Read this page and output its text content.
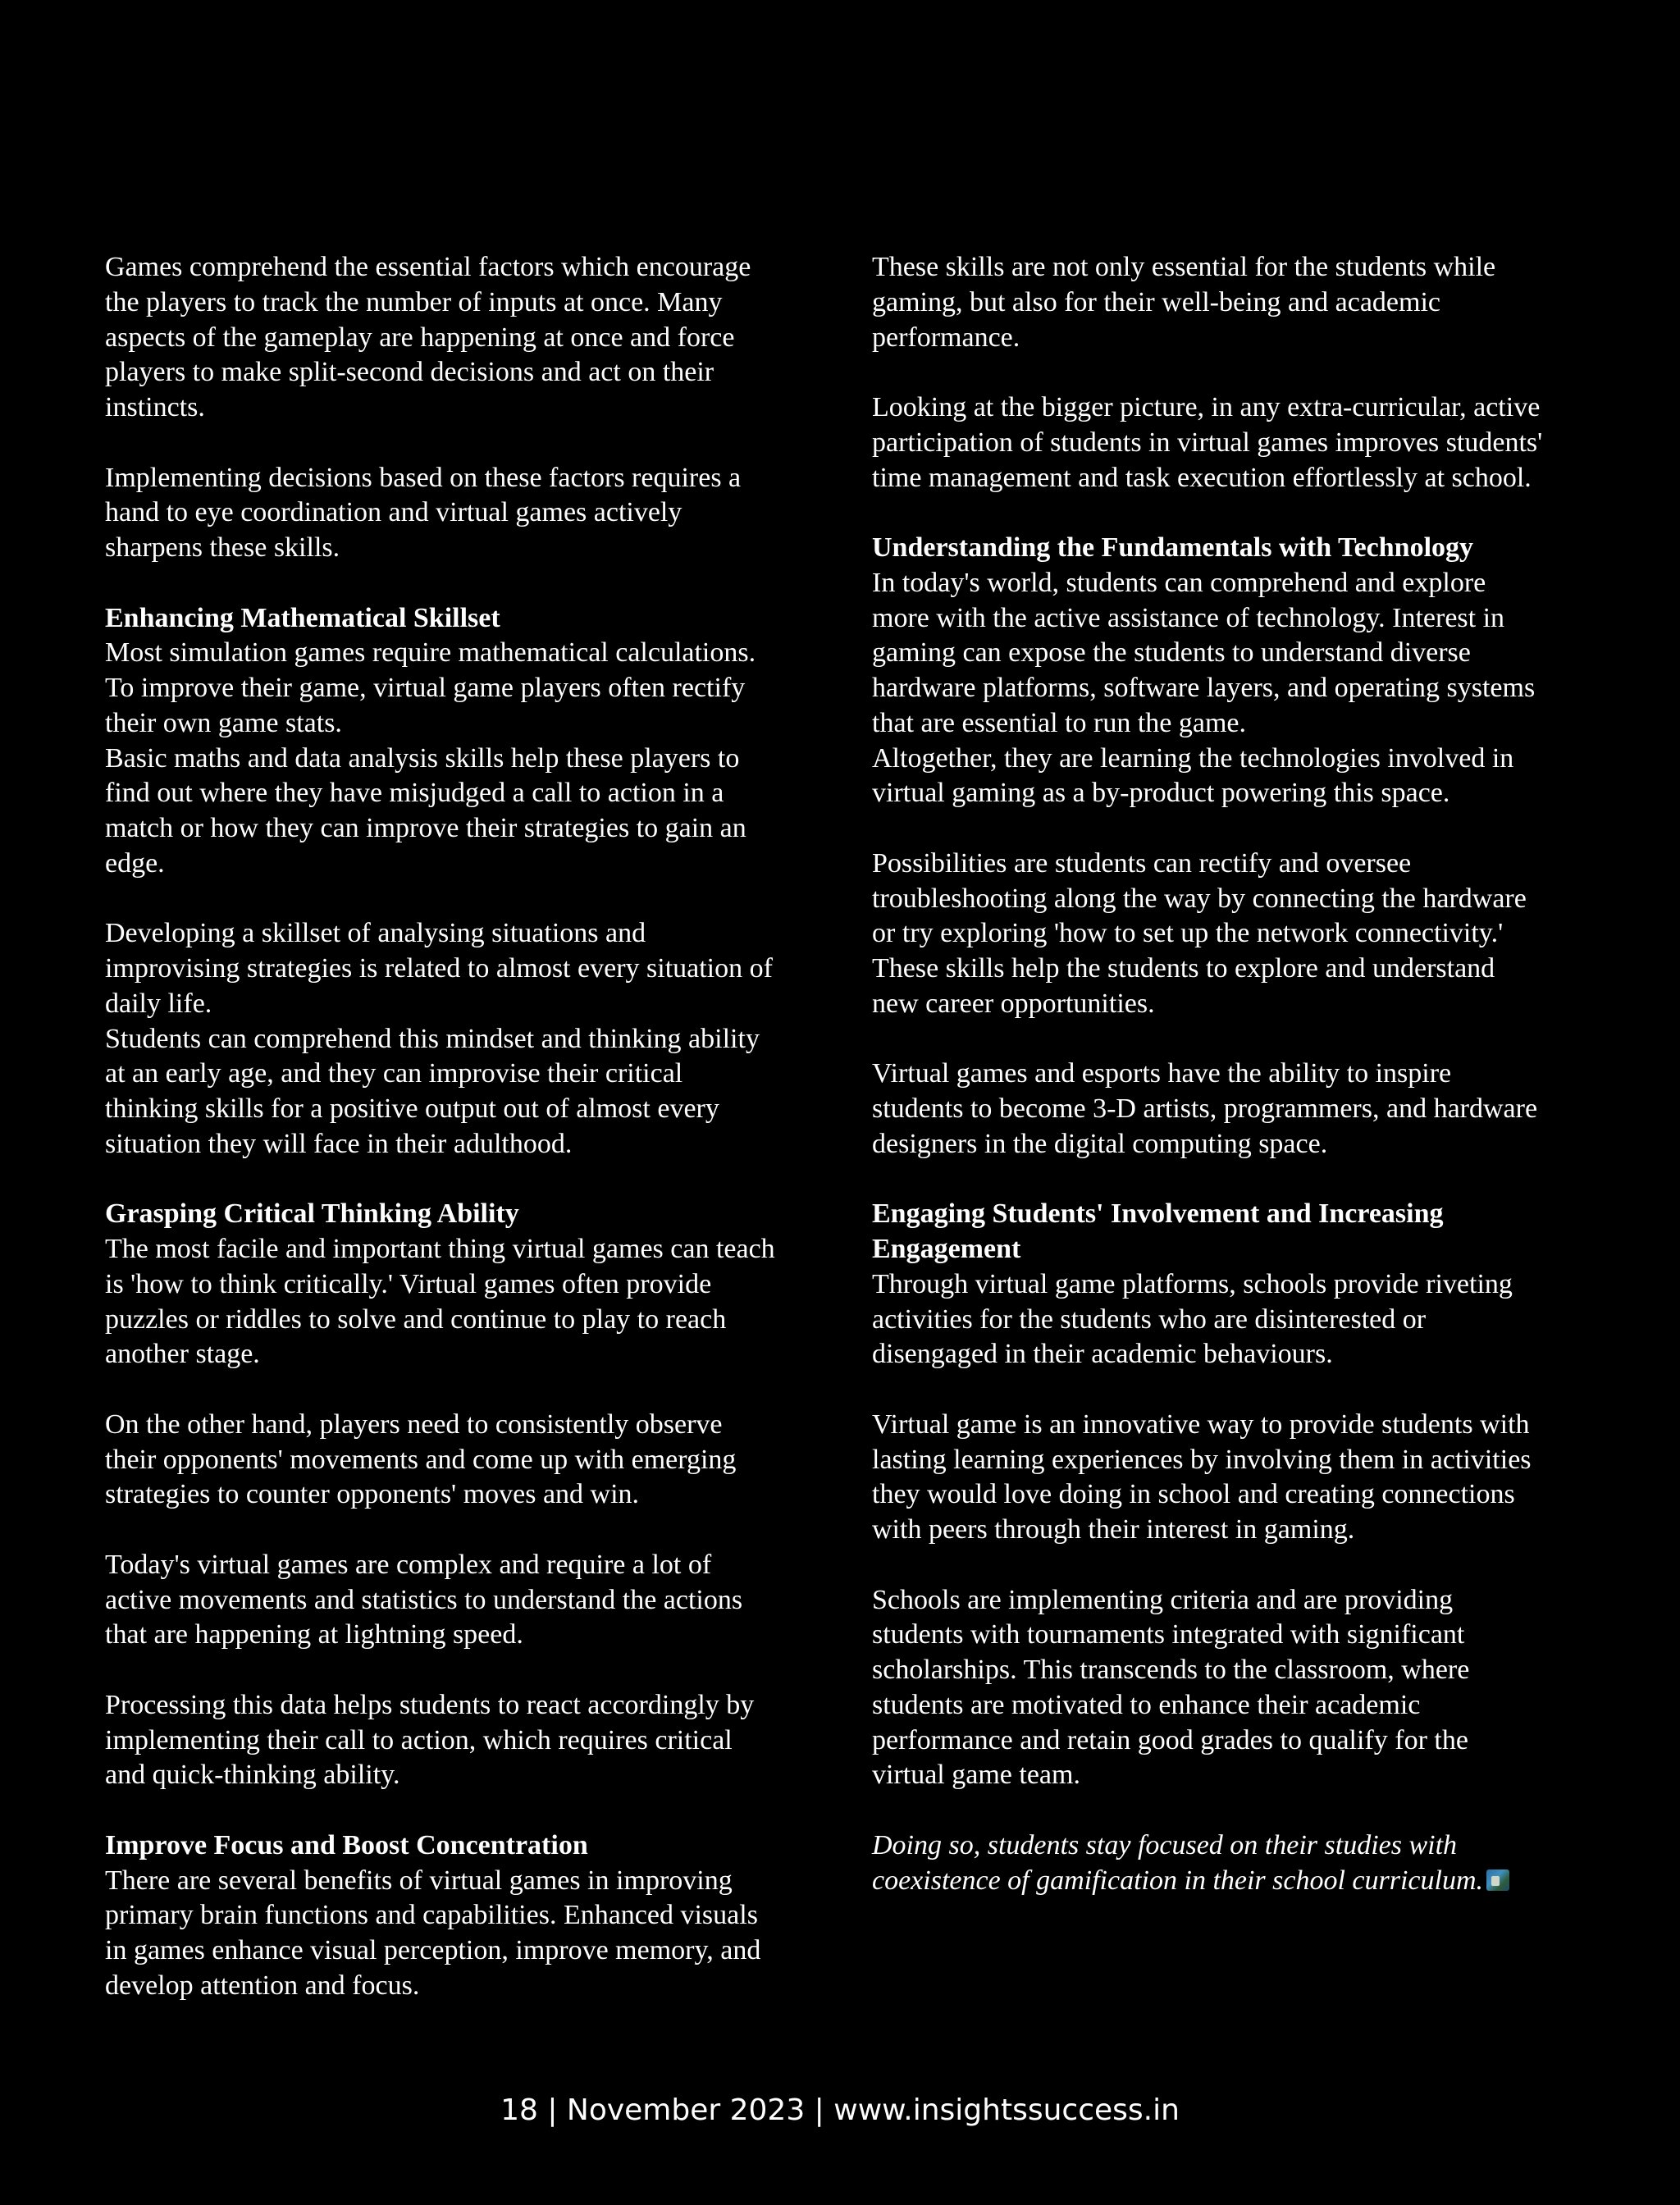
Games comprehend the essential factors which encourage

the players to track the number of inputs at once. Many

aspects of the gameplay are happening at once and force

players to make split-second decisions and act on their

instincts.

Implementing decisions based on these factors requires a

hand to eye coordination and virtual games actively

sharpens these skills.

Enhancing Mathematical Skillset

Most simulation games require mathematical calculations.

To improve their game, virtual game players often rectify

their own game stats.

Basic maths and data analysis skills help these players to

find out where they have misjudged a call to action in a

match or how they can improve their strategies to gain an

edge.

Developing a skillset of analysing situations and

improvising strategies is related to almost every situation of

daily life.

Students can comprehend this mindset and thinking ability

at an early age, and they can improvise their critical

thinking skills for a positive output out of almost every

situation they will face in their adulthood.

Grasping Critical Thinking Ability

The most facile and important thing virtual games can teach

is 'how to think critically.' Virtual games often provide

puzzles or riddles to solve and continue to play to reach

another stage.

On the other hand, players need to consistently observe

their opponents' movements and come up with emerging

strategies to counter opponents' moves and win.

Today's virtual games are complex and require a lot of

active movements and statistics to understand the actions

that are happening at lightning speed.

Processing this data helps students to react accordingly by

implementing their call to action, which requires critical

and quick-thinking ability.

Improve Focus and Boost Concentration

There are several benefits of virtual games in improving

primary brain functions and capabilities. Enhanced visuals

in games enhance visual perception, improve memory, and

develop attention and focus.

These skills are not only essential for the students while

gaming, but also for their well-being and academic

performance.

Looking at the bigger picture, in any extra-curricular, active

participation of students in virtual games improves students'

time management and task execution effortlessly at school.

Understanding the Fundamentals with Technology

In today's world, students can comprehend and explore

more with the active assistance of technology. Interest in

gaming can expose the students to understand diverse

hardware platforms, software layers, and operating systems

that are essential to run the game.

Altogether, they are learning the technologies involved in

virtual gaming as a by-product powering this space.

Possibilities are students can rectify and oversee

troubleshooting along the way by connecting the hardware

or try exploring 'how to set up the network connectivity.'

These skills help the students to explore and understand

new career opportunities.

Virtual games and esports have the ability to inspire

students to become 3-D artists, programmers, and hardware

designers in the digital computing space.

Engaging Students' Involvement and Increasing
Engagement

Through virtual game platforms, schools provide riveting

activities for the students who are disinterested or

disengaged in their academic behaviours.

Virtual game is an innovative way to provide students with

lasting learning experiences by involving them in activities

they would love doing in school and creating connections

with peers through their interest in gaming.

Schools are implementing criteria and are providing

students with tournaments integrated with significant

scholarships. This transcends to the classroom, where

students are motivated to enhance their academic

performance and retain good grades to qualify for the

virtual game team.

Doing so, students stay focused on their studies with

coexistence of gamification in their school curriculum.

18 | November 2023 | www.insightssuccess.in
